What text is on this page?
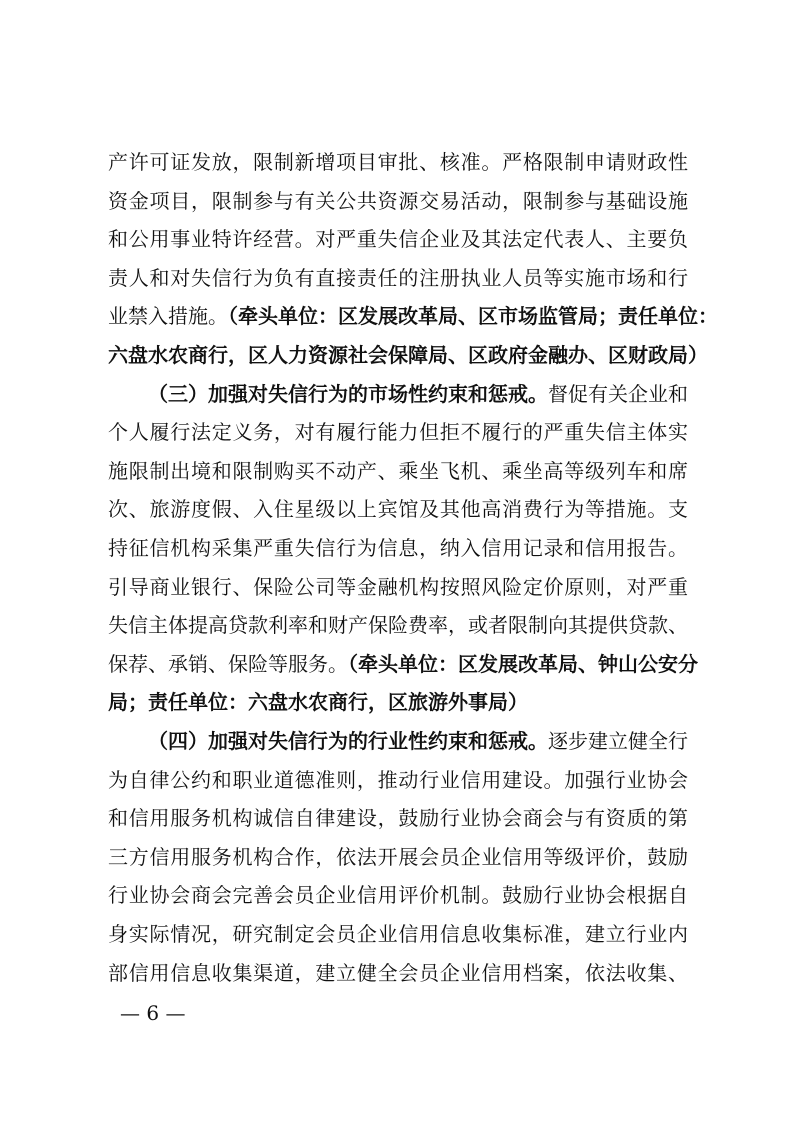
产许可证发放，限制新增项目审批、核准。严格限制申请财政性
资金项目，限制参与有关公共资源交易活动，限制参与基础设施
和公用事业特许经营。对严重失信企业及其法定代表人、主要负
责人和对失信行为负有直接责任的注册执业人员等实施市场和行
业禁入措施。（牵头单位：区发展改革局、区市场监管局；责任单位：
六盘水农商行，区人力资源社会保障局、区政府金融办、区财政局）
（三）加强对失信行为的市场性约束和惩戒。督促有关企业和
个人履行法定义务，对有履行能力但拒不履行的严重失信主体实
施限制出境和限制购买不动产、乘坐飞机、乘坐高等级列车和席
次、旅游度假、入住星级以上宾馆及其他高消费行为等措施。支
持征信机构采集严重失信行为信息，纳入信用记录和信用报告。
引导商业银行、保险公司等金融机构按照风险定价原则，对严重
失信主体提高贷款利率和财产保险费率，或者限制向其提供贷款、
保荐、承销、保险等服务。（牵头单位：区发展改革局、钟山公安分
局；责任单位：六盘水农商行，区旅游外事局）
（四）加强对失信行为的行业性约束和惩戒。逐步建立健全行
为自律公约和职业道德准则，推动行业信用建设。加强行业协会
和信用服务机构诚信自律建设，鼓励行业协会商会与有资质的第
三方信用服务机构合作，依法开展会员企业信用等级评价，鼓励
行业协会商会完善会员企业信用评价机制。鼓励行业协会根据自
身实际情况，研究制定会员企业信用信息收集标准，建立行业内
部信用信息收集渠道，建立健全会员企业信用档案，依法收集、
— 6 —
